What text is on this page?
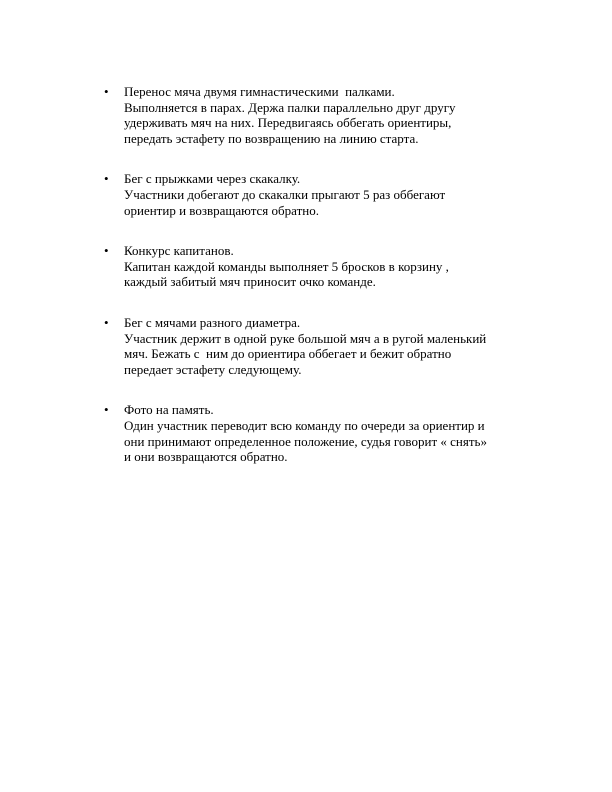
•	Перенос мяча двумя гимнастическими  палками.
Выполняется в парах. Держа палки параллельно друг другу
удерживать мяч на них. Передвигаясь оббегать ориентиры,
передать эстафету по возвращению на линию старта.
•	Бег с прыжками через скакалку.
Участники добегают до скакалки прыгают 5 раз оббегают
ориентир и возвращаются обратно.
•	Конкурс капитанов.
Капитан каждой команды выполняет 5 бросков в корзину ,
каждый забитый мяч приносит очко команде.
•	Бег с мячами разного диаметра.
Участник держит в одной руке большой мяч а в ругой маленький
мяч. Бежать с  ним до ориентира оббегает и бежит обратно
передает эстафету следующему.
•	Фото на память.
Один участник переводит всю команду по очереди за ориентир и
они принимают определенное положение, судья говорит « снять»
и они возвращаются обратно.
